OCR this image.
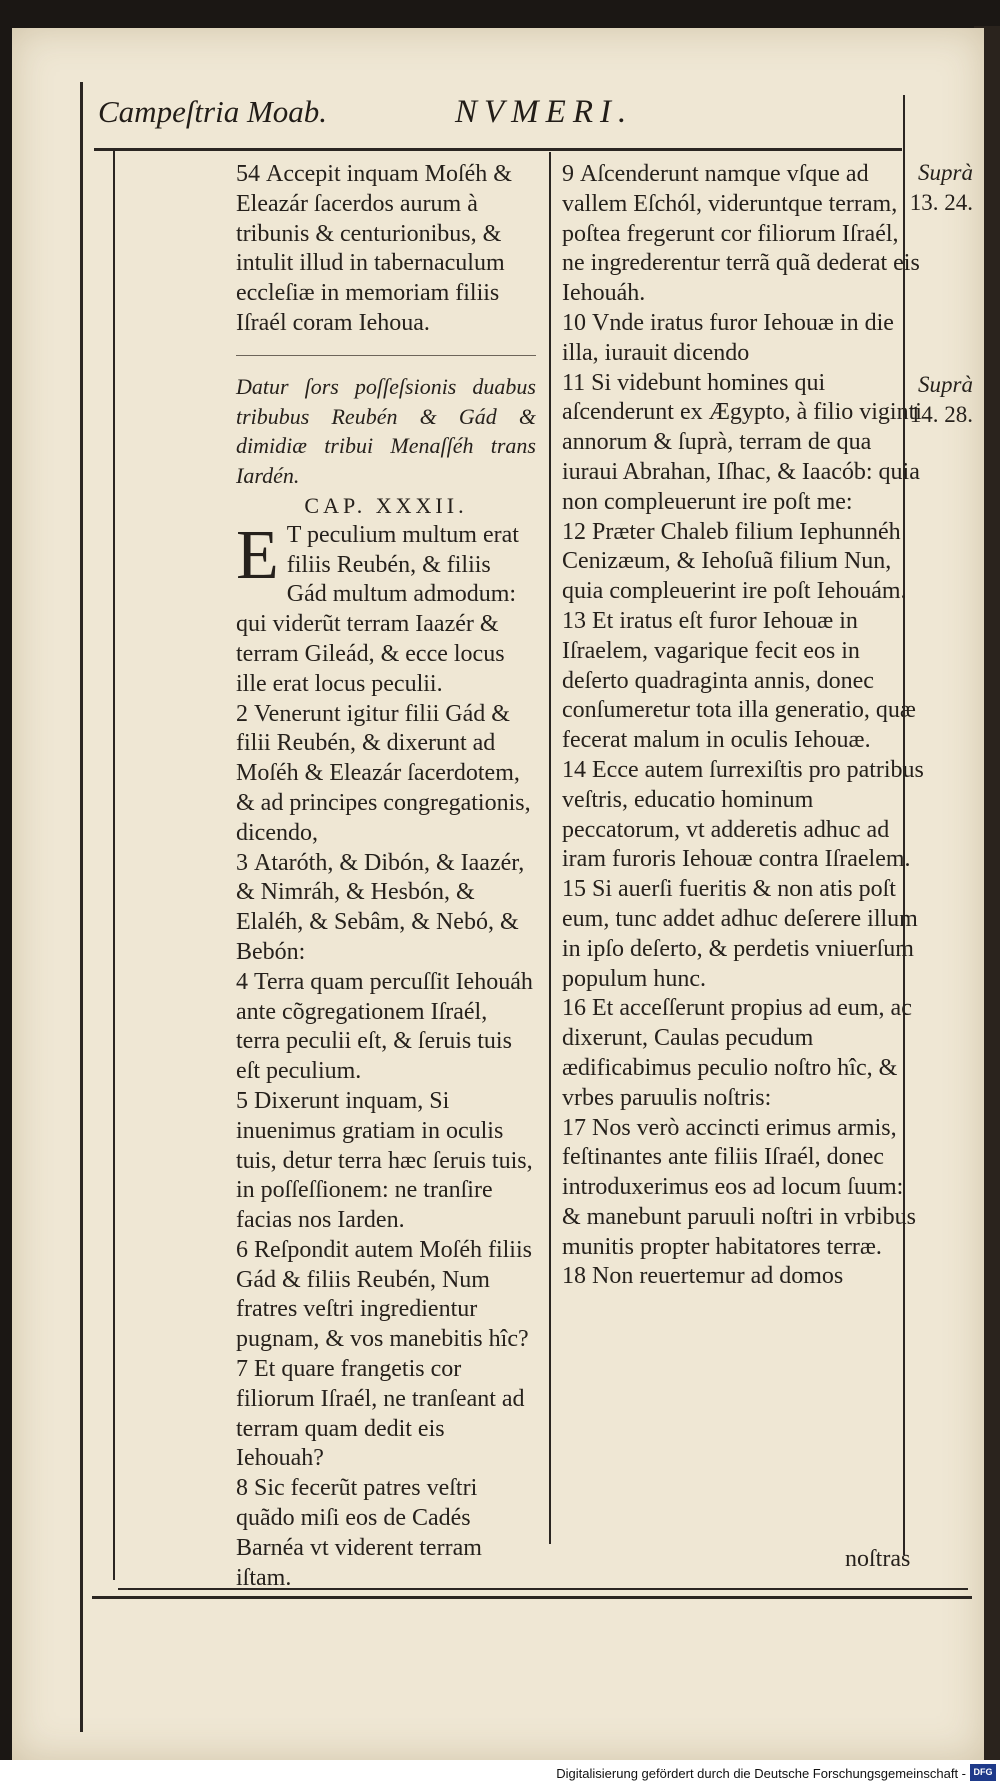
Campeſtria Moab.	NVMERI.

54 Accepit inquam Moſéh & Eleazár ſacerdos aurum à tribunis & centurionibus, & intulit illud in tabernaculum eccleſiæ in memoriam filiis Iſraél coram Iehoua.

Datur ſors poſſeſsionis duabus tribubus Reubén & Gád & dimidiæ tribui Menaſſéh trans Iardén.

CAP. XXXII.

E T peculium multum erat filiis Reubén, & filiis Gád multum admodum: qui viderũt terram Iaazér & terram Gileád, & ecce locus ille erat locus peculii.

2 Venerunt igitur filii Gád & filii Reubén, & dixerunt ad Moſéh & Eleazár ſacerdotem, & ad principes congregationis, dicendo,

3 Ataróth, & Dibón, & Iaazér, & Nimráh, & Hesbón, & Elaléh, & Sebâm, & Nebó, & Bebón:

4 Terra quam percuſſit Iehouáh ante cõgregationem Iſraél, terra peculii eſt, & ſeruis tuis eſt peculium.

5 Dixerunt inquam, Si inuenimus gratiam in oculis tuis, detur terra hæc ſeruis tuis, in poſſeſſionem: ne tranſire facias nos Iarden.

6 Reſpondit autem Moſéh filiis Gád & filiis Reubén, Num fratres veſtri ingredientur pugnam, & vos manebitis hîc?

7 Et quare frangetis cor filiorum Iſraél, ne tranſeant ad terram quam dedit eis Iehouah?

8 Sic fecerũt patres veſtri quãdo miſi eos de Cadés Barnéa vt viderent terram iſtam.

9 Aſcenderunt namque vſque ad vallem Eſchól, videruntque terram, poſtea fregerunt cor filiorum Iſraél, ne ingrederentur terrã quã dederat eis Iehouáh.

10 Vnde iratus furor Iehouæ in die illa, iurauit dicendo

11 Si videbunt homines qui aſcenderunt ex Ægypto, à filio viginti annorum & ſuprà, terram de qua iuraui Abrahan, Iſhac, & Iaacób: quia non compleuerunt ire poſt me:

12 Præter Chaleb filium Iephunnéh Cenizæum, & Iehoſuã filium Nun, quia compleuerint ire poſt Iehouám.

13 Et iratus eſt furor Iehouæ in Iſraelem, vagarique fecit eos in deſerto quadraginta annis, donec conſumeretur tota illa generatio, quæ fecerat malum in oculis Iehouæ.

14 Ecce autem ſurrexiſtis pro patribus veſtris, educatio hominum peccatorum, vt adderetis adhuc ad iram furoris Iehouæ contra Iſraelem.

15 Si auerſi fueritis & non atis poſt eum, tunc addet adhuc deſerere illum in ipſo deſerto, & perdetis vniuerſum populum hunc.

16 Et acceſſerunt propius ad eum, ac dixerunt, Caulas pecudum ædificabimus peculio noſtro hîc, & vrbes paruulis noſtris:

17 Nos verò accincti erimus armis, feſtinantes ante filiis Iſraél, donec introduxerimus eos ad locum ſuum: & manebunt paruuli noſtri in vrbibus munitis propter habitatores terræ.

18 Non reuertemur ad domos

Suprà
13. 24.
Suprà
14. 28.
noſtras
Digitalisierung gefördert durch die Deutsche Forschungsgemeinschaft - DFG
